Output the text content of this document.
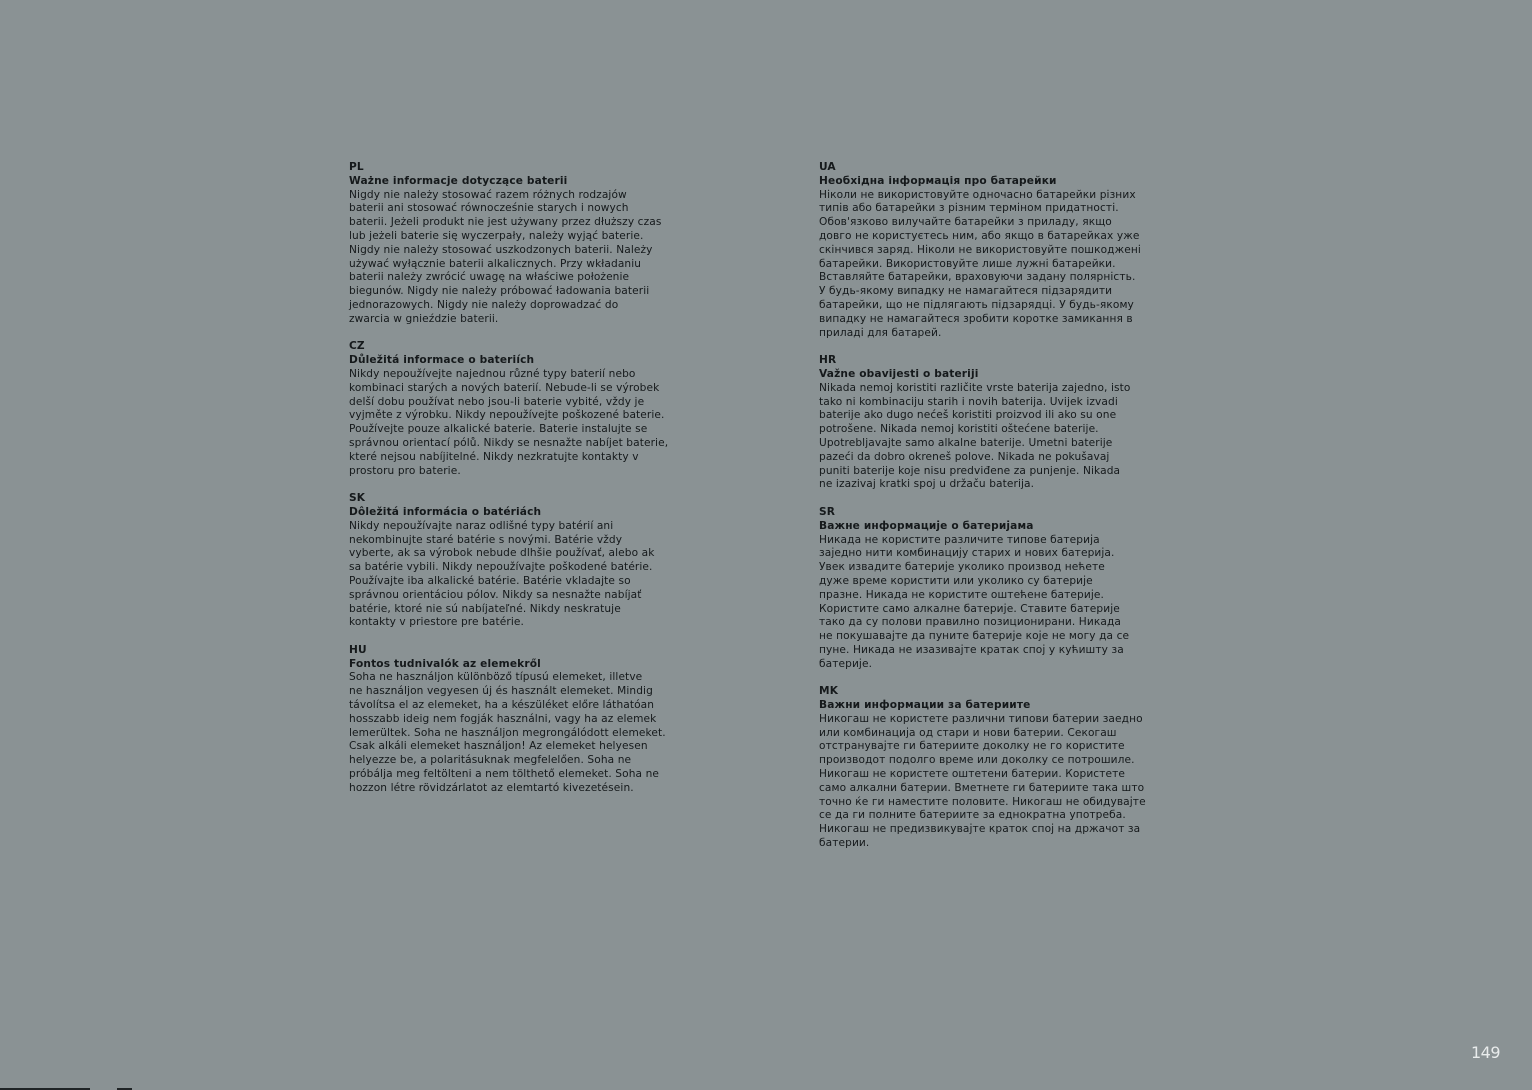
PL

Ważne informacje dotyczące baterii

Nigdy nie należy stosować razem różnych rodzajów
baterii ani stosować równocześnie starych i nowych
baterii. Jeżeli produkt nie jest używany przez dłuższy czas
lub jeżeli baterie się wyczerpały, należy wyjąć baterie.
Nigdy nie należy stosować uszkodzonych baterii. Należy
używać wyłącznie baterii alkalicznych. Przy wkładaniu
baterii należy zwrócić uwagę na właściwe położenie
biegunów. Nigdy nie należy próbować ładowania baterii
jednorazowych. Nigdy nie należy doprowadzać do
zwarcia w gnieździe baterii.

CZ

Důležitá informace o bateriích

Nikdy nepoužívejte najednou různé typy baterií nebo
kombinaci starých a nových baterií. Nebude-li se výrobek
delší dobu používat nebo jsou-li baterie vybité, vždy je
vyjměte z výrobku. Nikdy nepoužívejte poškozené baterie.
Používejte pouze alkalické baterie. Baterie instalujte se
správnou orientací pólů. Nikdy se nesnažte nabíjet baterie,
které nejsou nabíjitelné. Nikdy nezkratujte kontakty v
prostoru pro baterie.

SK

Dôležitá informácia o batériách

Nikdy nepoužívajte naraz odlišné typy batérií ani
nekombinujte staré batérie s novými. Batérie vždy
vyberte, ak sa výrobok nebude dlhšie používať, alebo ak
sa batérie vybili. Nikdy nepoužívajte poškodené batérie.
Používajte iba alkalické batérie. Batérie vkladajte so
správnou orientáciou pólov. Nikdy sa nesnažte nabíjať
batérie, ktoré nie sú nabíjateľné. Nikdy neskratuje
kontakty v priestore pre batérie.

HU

Fontos tudnivalók az elemekről

Soha ne használjon különböző típusú elemeket, illetve
ne használjon vegyesen új és használt elemeket. Mindig
távolítsa el az elemeket, ha a készüléket előre láthatóan
hosszabb ideig nem fogják használni, vagy ha az elemek
lemerültek. Soha ne használjon megrongálódott elemeket.
Csak alkáli elemeket használjon! Az elemeket helyesen
helyezze be, a polaritásuknak megfelelően. Soha ne
próbálja meg feltölteni a nem tölthető elemeket. Soha ne
hozzon létre rövidzárlatot az elemtartó kivezetésein.

UA

Необхідна інформація про батарейки

Ніколи не використовуйте одночасно батарейки різних
типів або батарейки з різним терміном придатності.
Обов'язково вилучайте батарейки з приладу, якщо
довго не користуєтесь ним, або якщо в батарейках уже
скінчився заряд. Ніколи не використовуйте пошкоджені
батарейки. Використовуйте лише лужні батарейки.
Вставляйте батарейки, враховуючи задану полярність.
У будь-якому випадку не намагайтеся підзарядити
батарейки, що не підлягають підзарядці. У будь-якому
випадку не намагайтеся зробити коротке замикання в
приладі для батарей.

HR

Važne obavijesti o bateriji

Nikada nemoj koristiti različite vrste baterija zajedno, isto
tako ni kombinaciju starih i novih baterija. Uvijek izvadi
baterije ako dugo nećeš koristiti proizvod ili ako su one
potrošene. Nikada nemoj koristiti oštećene baterije.
Upotrebljavajte samo alkalne baterije. Umetni baterije
pazeći da dobro okreneš polove. Nikada ne pokušavaj
puniti baterije koje nisu predviđene za punjenje. Nikada
ne izazivaj kratki spoj u držaču baterija.

SR

Важне информације о батеријама

Никада не користите различите типове батерија
заједно нити комбинацију старих и нових батерија.
Увек извадите батерије уколико производ нећете
дуже време користити или уколико су батерије
празне. Никада не користите оштећене батерије.
Користите само алкалне батерије. Ставите батерије
тако да су полови правилно позиционирани. Никада
не покушавајте да пуните батерије које не могу да се
пуне. Никада не изазивајте кратак спој у кућишту за
батерије.

MK

Важни информации за батериите

Никогаш не користете различни типови батерии заедно
или комбинација од стари и нови батерии. Секогаш
отстранувајте ги батериите доколку не го користите
производот подолго време или доколку се потрошиле.
Никогаш не користете оштетени батерии. Користете
само алкални батерии. Вметнете ги батериите така што
точно ќе ги наместите половите. Никогаш не обидувајте
се да ги полните батериите за еднократна употреба.
Никогаш не предизвикувајте краток спој на држачот за
батерии.

149
